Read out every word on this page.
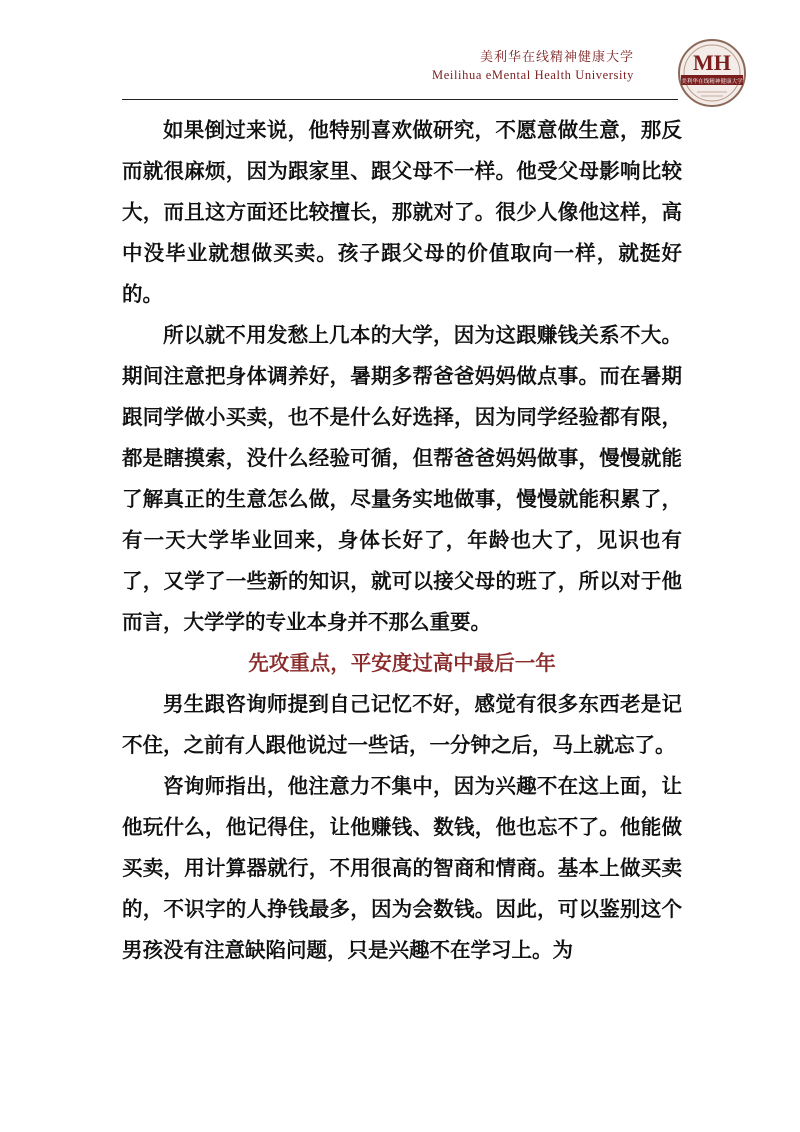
美利华在线精神健康大学
Meilihua eMental Health University	MH
美利华在线精神健康大学

如果倒过来说，他特别喜欢做研究，不愿意做生意，那反而就很麻烦，因为跟家里、跟父母不一样。他受父母影响比较大，而且这方面还比较擅长，那就对了。很少人像他这样，高中没毕业就想做买卖。孩子跟父母的价值取向一样，就挺好的。

所以就不用发愁上几本的大学，因为这跟赚钱关系不大。期间注意把身体调养好，暑期多帮爸爸妈妈做点事。而在暑期跟同学做小买卖，也不是什么好选择，因为同学经验都有限，都是瞎摸索，没什么经验可循，但帮爸爸妈妈做事，慢慢就能了解真正的生意怎么做，尽量务实地做事，慢慢就能积累了，有一天大学毕业回来，身体长好了，年龄也大了，见识也有了，又学了一些新的知识，就可以接父母的班了，所以对于他而言，大学学的专业本身并不那么重要。

先攻重点，平安度过高中最后一年

男生跟咨询师提到自己记忆不好，感觉有很多东西老是记不住，之前有人跟他说过一些话，一分钟之后，马上就忘了。

咨询师指出，他注意力不集中，因为兴趣不在这上面，让他玩什么，他记得住，让他赚钱、数钱，他也忘不了。他能做买卖，用计算器就行，不用很高的智商和情商。基本上做买卖的，不识字的人挣钱最多，因为会数钱。因此，可以鉴别这个男孩没有注意缺陷问题，只是兴趣不在学习上。为
